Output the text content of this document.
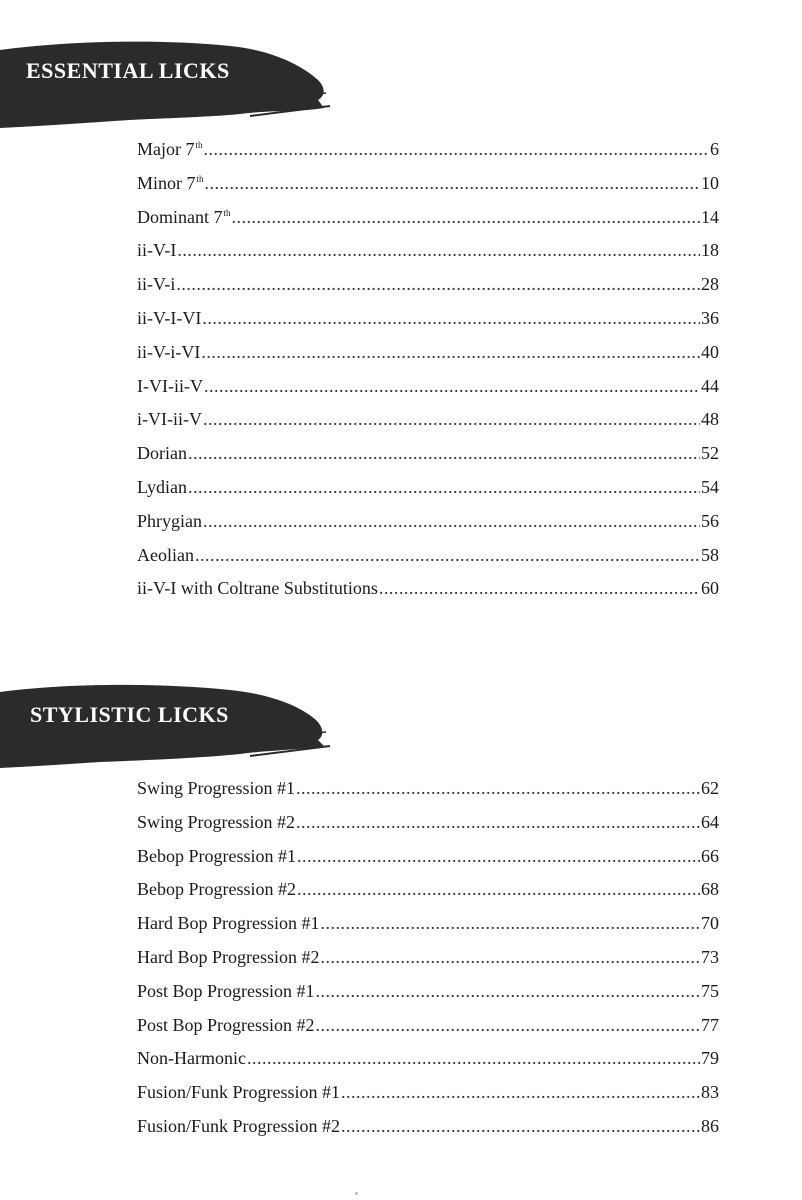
ESSENTIAL LICKS
Major 7th .....	6
Minor 7th .....	10
Dominant 7th .....	14
ii-V-I .....	18
ii-V-i .....	28
ii-V-I-VI .....	36
ii-V-i-VI .....	40
I-VI-ii-V .....	44
i-VI-ii-V .....	48
Dorian .....	52
Lydian .....	54
Phrygian .....	56
Aeolian .....	58
ii-V-I with Coltrane Substitutions .....	60
STYLISTIC LICKS
Swing Progression #1 .....	62
Swing Progression #2 .....	64
Bebop Progression #1 .....	66
Bebop Progression #2 .....	68
Hard Bop Progression #1 .....	70
Hard Bop Progression #2 .....	73
Post Bop Progression #1 .....	75
Post Bop Progression #2 .....	77
Non-Harmonic .....	79
Fusion/Funk Progression #1 .....	83
Fusion/Funk Progression #2 .....	86
